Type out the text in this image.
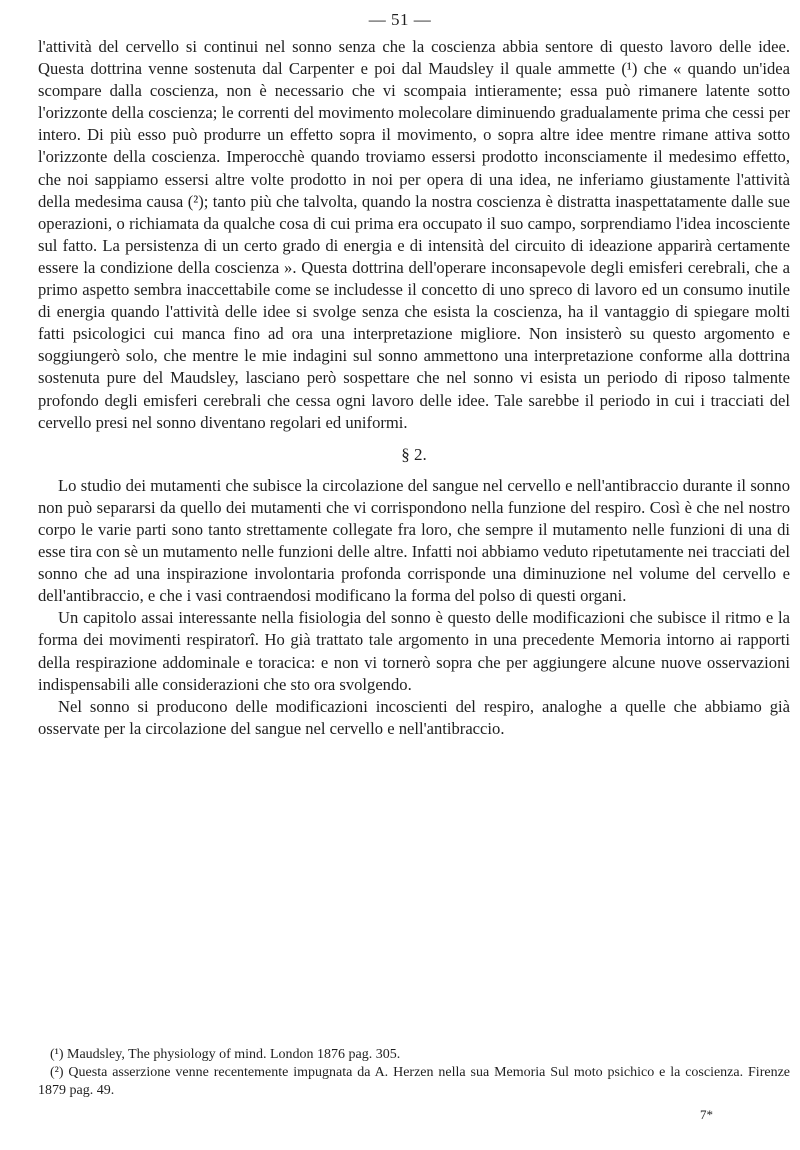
— 51 —

l'attività del cervello si continui nel sonno senza che la coscienza abbia sentore di questo lavoro delle idee. Questa dottrina venne sostenuta dal Carpenter e poi dal Maudsley il quale ammette (¹) che « quando un'idea scompare dalla coscienza, non è necessario che vi scompaia intieramente; essa può rimanere latente sotto l'orizzonte della coscienza; le correnti del movimento molecolare diminuendo gradualamente prima che cessi per intero. Di più esso può produrre un effetto sopra il movimento, o sopra altre idee mentre rimane attiva sotto l'orizzonte della coscienza. Imperocchè quando troviamo essersi prodotto inconsciamente il medesimo effetto, che noi sappiamo essersi altre volte prodotto in noi per opera di una idea, ne inferiamo giustamente l'attività della medesima causa (²); tanto più che talvolta, quando la nostra coscienza è distratta inaspettatamente dalle sue operazioni, o richiamata da qualche cosa di cui prima era occupato il suo campo, sorprendiamo l'idea incosciente sul fatto. La persistenza di un certo grado di energia e di intensità del circuito di ideazione apparirà certamente essere la condizione della coscienza ». Questa dottrina dell'operare inconsapevole degli emisferi cerebrali, che a primo aspetto sembra inaccettabile come se includesse il concetto di uno spreco di lavoro ed un consumo inutile di energia quando l'attività delle idee si svolge senza che esista la coscienza, ha il vantaggio di spiegare molti fatti psicologici cui manca fino ad ora una interpretazione migliore. Non insisterò su questo argomento e soggiungerò solo, che mentre le mie indagini sul sonno ammettono una interpretazione conforme alla dottrina sostenuta pure del Maudsley, lasciano però sospettare che nel sonno vi esista un periodo di riposo talmente profondo degli emisferi cerebrali che cessa ogni lavoro delle idee. Tale sarebbe il periodo in cui i tracciati del cervello presi nel sonno diventano regolari ed uniformi.

§ 2.

Lo studio dei mutamenti che subisce la circolazione del sangue nel cervello e nell'antibraccio durante il sonno non può separarsi da quello dei mutamenti che vi corrispondono nella funzione del respiro. Così è che nel nostro corpo le varie parti sono tanto strettamente collegate fra loro, che sempre il mutamento nelle funzioni di una di esse tira con sè un mutamento nelle funzioni delle altre. Infatti noi abbiamo veduto ripetutamente nei tracciati del sonno che ad una inspirazione involontaria profonda corrisponde una diminuzione nel volume del cervello e dell'antibraccio, e che i vasi contraendosi modificano la forma del polso di questi organi.

Un capitolo assai interessante nella fisiologia del sonno è questo delle modificazioni che subisce il ritmo e la forma dei movimenti respiratorî. Ho già trattato tale argomento in una precedente Memoria intorno ai rapporti della respirazione addominale e toracica: e non vi tornerò sopra che per aggiungere alcune nuove osservazioni indispensabili alle considerazioni che sto ora svolgendo.

Nel sonno si producono delle modificazioni incoscienti del respiro, analoghe a quelle che abbiamo già osservate per la circolazione del sangue nel cervello e nell'antibraccio.

(¹) Maudsley, The physiology of mind. London 1876 pag. 305.

(²) Questa asserzione venne recentemente impugnata da A. Herzen nella sua Memoria Sul moto psichico e la coscienza. Firenze 1879 pag. 49.

7*
